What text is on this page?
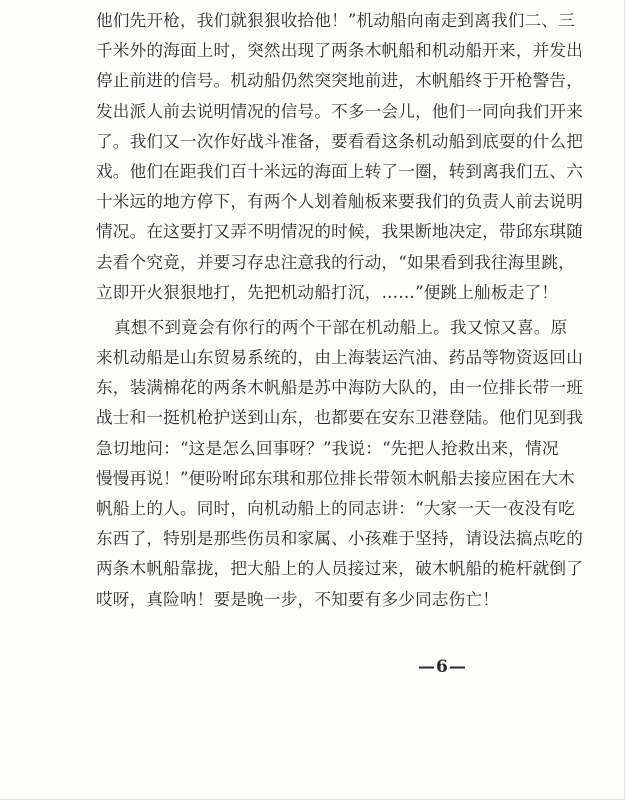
他们先开枪，我们就狠狠收拾他！”机动船向南走到离我们二、三
千米外的海面上时，突然出现了两条木帆船和机动船开来，并发出
停止前进的信号。机动船仍然突突地前进，木帆船终于开枪警告，
发出派人前去说明情况的信号。不多一会儿，他们一同向我们开来
了。我们又一次作好战斗准备，要看看这条机动船到底耍的什么把
戏。他们在距我们百十米远的海面上转了一圈，转到离我们五、六
十米远的地方停下，有两个人划着舢板来要我们的负责人前去说明
情况。在这要打又弄不明情况的时候，我果断地决定，带邱东琪随
去看个究竟，并要习存忠注意我的行动，“如果看到我往海里跳，
立即开火狠狠地打，先把机动船打沉，……”便跳上舢板走了！
真想不到竟会有你行的两个干部在机动船上。我又惊又喜。原
来机动船是山东贸易系统的，由上海装运汽油、药品等物资返回山
东，装满棉花的两条木帆船是苏中海防大队的，由一位排长带一班
战士和一挺机枪护送到山东，也都要在安东卫港登陆。他们见到我
急切地问：“这是怎么回事呀？”我说：“先把人抢救出来，情况
慢慢再说！”便吩咐邱东琪和那位排长带领木帆船去接应困在大木
帆船上的人。同时，向机动船上的同志讲：“大家一天一夜没有吃
东西了，特别是那些伤员和家属、小孩难于坚持，请设法搞点吃的
两条木帆船靠拢，把大船上的人员接过来，破木帆船的桅杆就倒了
哎呀，真险呐！要是晚一步，不知要有多少同志伤亡！
—6—
